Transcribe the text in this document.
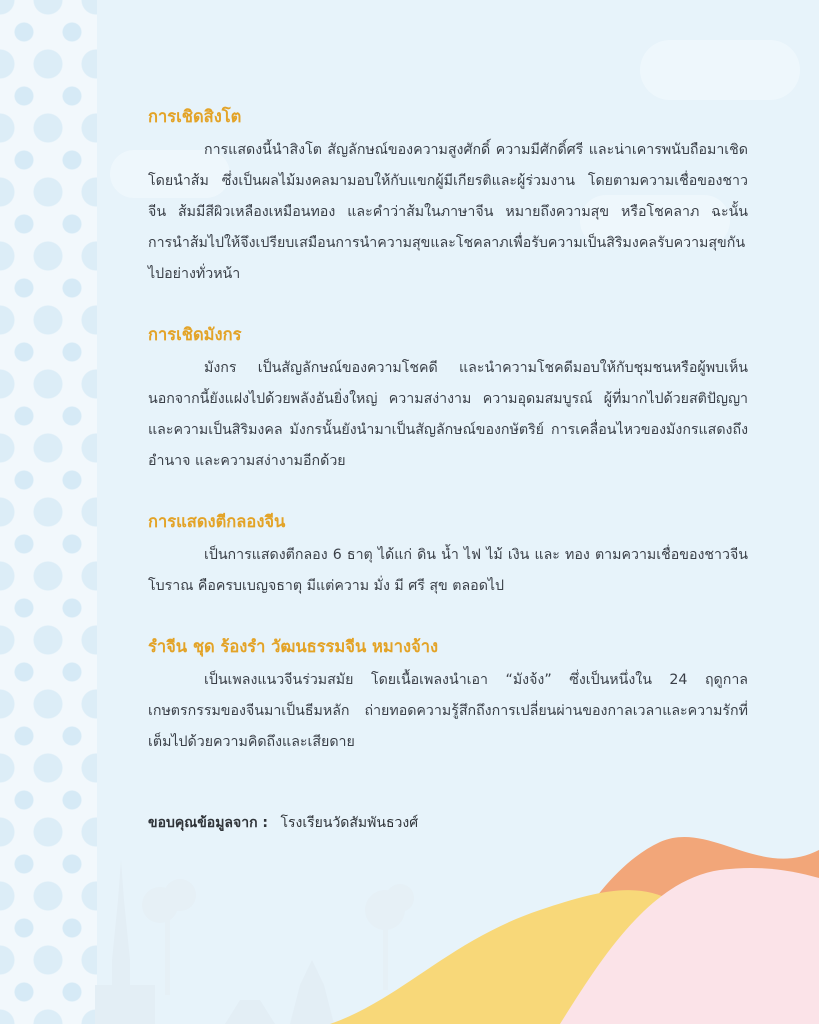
การเชิดสิงโต

การแสดงนี้นำสิงโต สัญลักษณ์ของความสูงศักดิ์ ความมีศักดิ์ศรี และน่าเคารพนับถือมาเชิด โดยนำส้ม ซึ่งเป็นผลไม้มงคลมามอบให้กับแขกผู้มีเกียรติและผู้ร่วมงาน โดยตามความเชื่อของชาวจีน ส้มมีสีผิวเหลืองเหมือนทอง และคำว่าส้มในภาษาจีน หมายถึงความสุข หรือโชคลาภ ฉะนั้นการนำส้มไปให้จึงเปรียบเสมือนการนำความสุขและโชคลาภเพื่อรับความเป็นสิริมงคลรับความสุขกันไปอย่างทั่วหน้า

การเชิดมังกร

มังกร เป็นสัญลักษณ์ของความโชคดี และนำความโชคดีมอบให้กับชุมชนหรือผู้พบเห็น นอกจากนี้ยังแฝงไปด้วยพลังอันยิ่งใหญ่ ความสง่างาม ความอุดมสมบูรณ์ ผู้ที่มากไปด้วยสติปัญญา และความเป็นสิริมงคล มังกรนั้นยังนำมาเป็นสัญลักษณ์ของกษัตริย์ การเคลื่อนไหวของมังกรแสดงถึงอำนาจ และความสง่างามอีกด้วย

การแสดงตีกลองจีน

เป็นการแสดงตีกลอง 6 ธาตุ ได้แก่ ดิน น้ำ ไฟ ไม้ เงิน และ ทอง ตามความเชื่อของชาวจีนโบราณ คือครบเบญจธาตุ มีแต่ความ มั่ง มี ศรี สุข ตลอดไป

รำจีน ชุด ร้องรำ วัฒนธรรมจีน หมางจ้าง

เป็นเพลงแนวจีนร่วมสมัย โดยเนื้อเพลงนำเอา “มังจ้ง” ซึ่งเป็นหนึ่งใน 24 ฤดูกาลเกษตรกรรมของจีนมาเป็นธีมหลัก ถ่ายทอดความรู้สึกถึงการเปลี่ยนผ่านของกาลเวลาและความรักที่เต็มไปด้วยความคิดถึงและเสียดาย

ขอบคุณข้อมูลจาก : โรงเรียนวัดสัมพันธวงศ์
